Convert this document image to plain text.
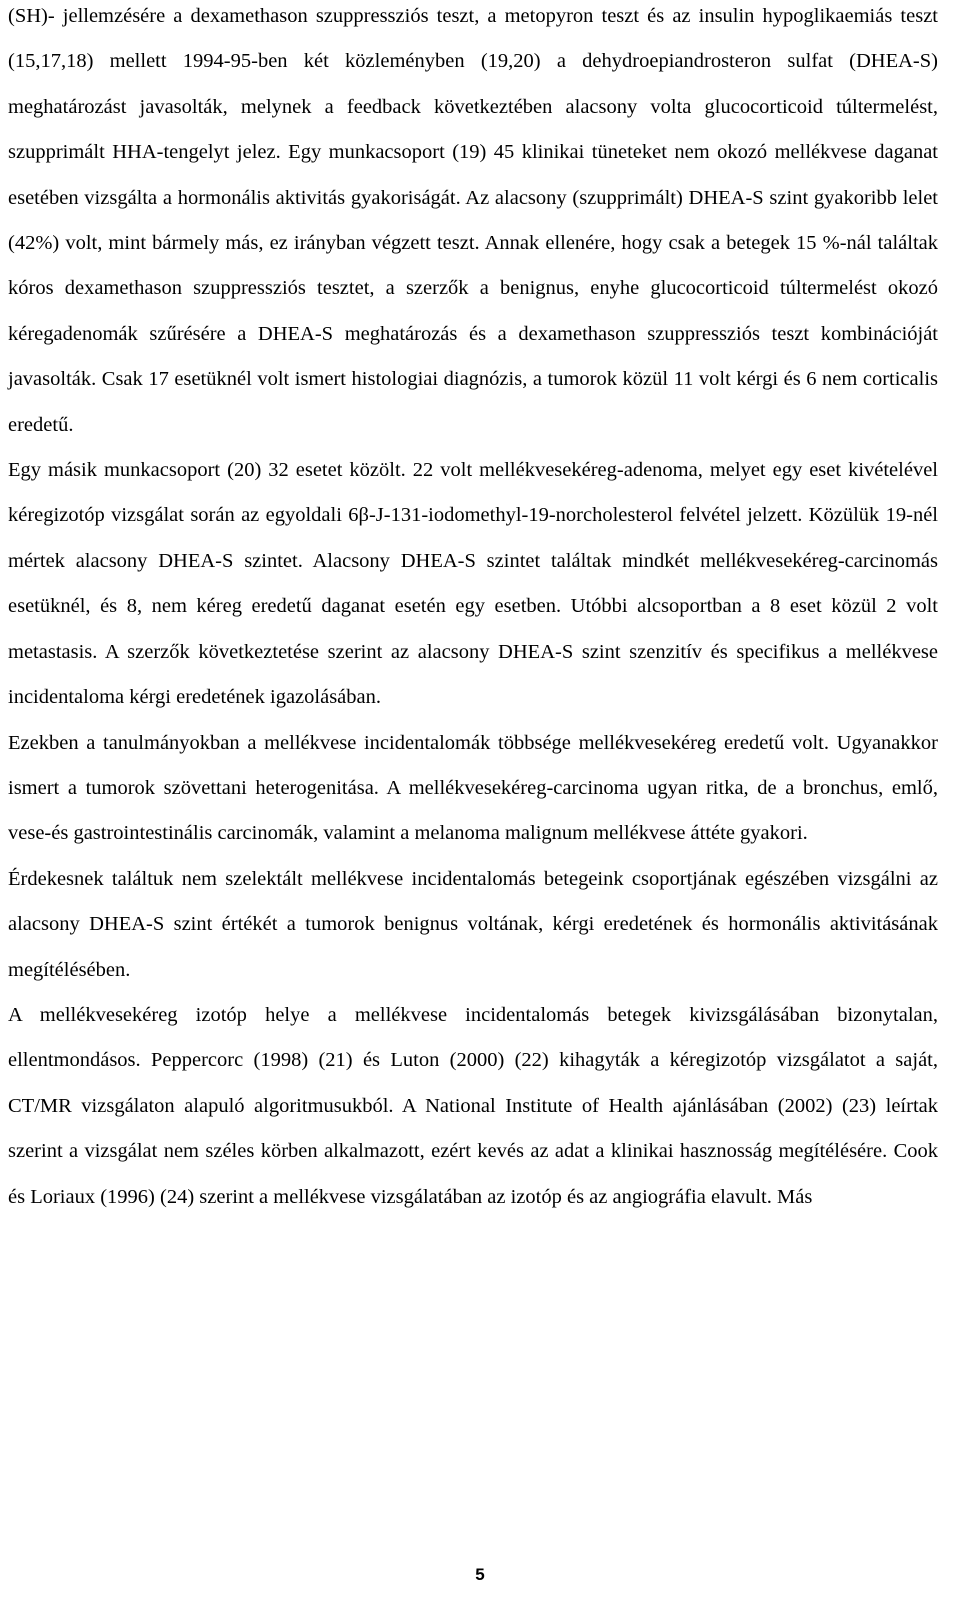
(SH)- jellemzésére a dexamethason szuppressziós teszt, a metopyron teszt és az insulin hypoglikaemiás teszt (15,17,18) mellett 1994-95-ben két közleményben (19,20) a dehydroepiandrosteron sulfat (DHEA-S) meghatározást javasolták, melynek a feedback következtében alacsony volta glucocorticoid túltermelést, szupprimált HHA-tengelyt jelez. Egy munkacsoport (19) 45 klinikai tüneteket nem okozó mellékvese daganat esetében vizsgálta a hormonális aktivitás gyakoriságát. Az alacsony (szupprimált) DHEA-S szint gyakoribb lelet (42%) volt, mint bármely más, ez irányban végzett teszt. Annak ellenére, hogy csak a betegek 15 %-nál találtak kóros dexamethason szuppressziós tesztet, a szerzők a benignus, enyhe glucocorticoid túltermelést okozó kéregadenomák szűrésére a DHEA-S meghatározás és a dexamethason szuppressziós teszt kombinációját javasolták. Csak 17 esetüknél volt ismert histologiai diagnózis, a tumorok közül 11 volt kérgi és 6 nem corticalis eredetű.

Egy másik munkacsoport (20) 32 esetet közölt. 22 volt mellékvesekéreg-adenoma, melyet egy eset kivételével kéregizotóp vizsgálat során az egyoldali 6β-J-131-iodomethyl-19-norcholesterol felvétel jelzett. Közülük 19-nél mértek alacsony DHEA-S szintet. Alacsony DHEA-S szintet találtak mindkét mellékvesekéreg-carcinomás esetüknél, és 8, nem kéreg eredetű daganat esetén egy esetben. Utóbbi alcsoportban a 8 eset közül 2 volt metastasis. A szerzők következtetése szerint az alacsony DHEA-S szint szenzitív és specifikus a mellékvese incidentaloma kérgi eredetének igazolásában.

Ezekben a tanulmányokban a mellékvese incidentalomák többsége mellékvesekéreg eredetű volt. Ugyanakkor ismert a tumorok szövettani heterogenitása. A mellékvesekéreg-carcinoma ugyan ritka, de a bronchus, emlő, vese-és gastrointestinális carcinomák, valamint a melanoma malignum mellékvese áttéte gyakori.

Érdekesnek találtuk nem szelektált mellékvese incidentalomás betegeink csoportjának egészében vizsgálni az alacsony DHEA-S szint értékét a tumorok benignus voltának, kérgi eredetének és hormonális aktivitásának megítélésében.

A mellékvesekéreg izotóp helye a mellékvese incidentalomás betegek kivizsgálásában bizonytalan, ellentmondásos. Peppercorc (1998) (21) és Luton (2000) (22) kihagyták a kéregizotóp vizsgálatot a saját, CT/MR vizsgálaton alapuló algoritmusukból. A National Institute of Health ajánlásában (2002) (23) leírtak szerint a vizsgálat nem széles körben alkalmazott, ezért kevés az adat a klinikai hasznosság megítélésére. Cook és Loriaux (1996) (24) szerint a mellékvese vizsgálatában az izotóp és az angiográfia elavult. Más

5
